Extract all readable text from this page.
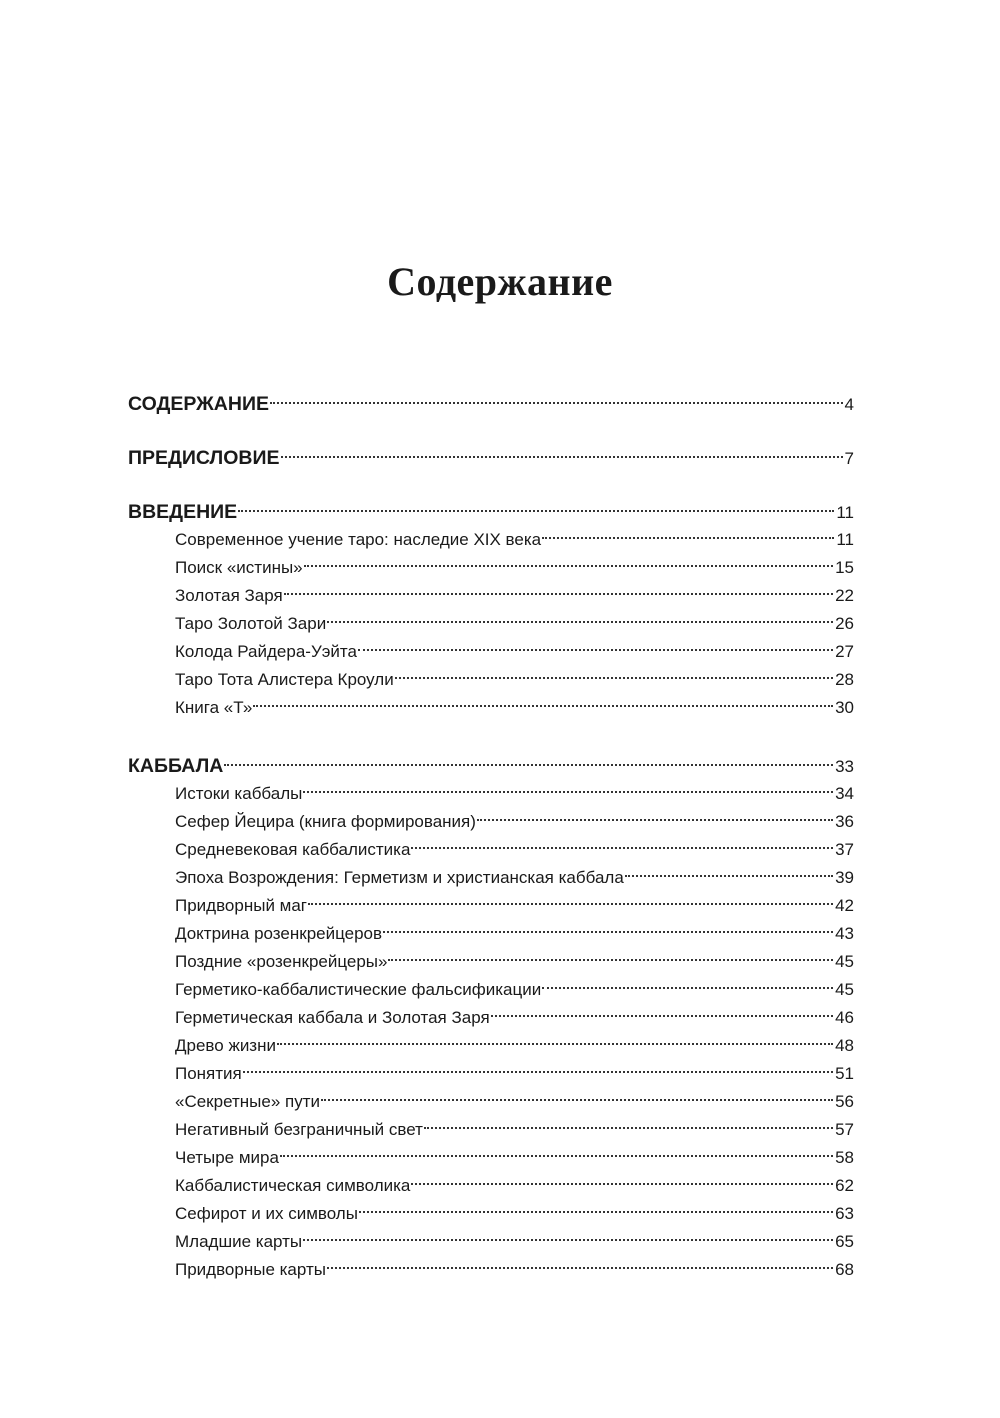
Содержание
СОДЕРЖАНИЕ	4
ПРЕДИСЛОВИЕ	7
ВВЕДЕНИЕ	11
Современное учение таро: наследие XIX века	11
Поиск «истины»	15
Золотая Заря	22
Таро Золотой Зари	26
Колода Райдера-Уэйта	27
Таро Тота Алистера Кроули	28
Книга «Т»	30
КАББАЛА	33
Истоки каббалы	34
Сефер Йецира (книга формирования)	36
Средневековая каббалистика	37
Эпоха Возрождения: Герметизм и христианская каббала	39
Придворный маг	42
Доктрина розенкрейцеров	43
Поздние «розенкрейцеры»	45
Герметико-каббалистические фальсификации	45
Герметическая каббала и Золотая Заря	46
Древо жизни	48
Понятия	51
«Секретные» пути	56
Негативный безграничный свет	57
Четыре мира	58
Каббалистическая символика	62
Сефирот и их символы	63
Младшие карты	65
Придворные карты	68
